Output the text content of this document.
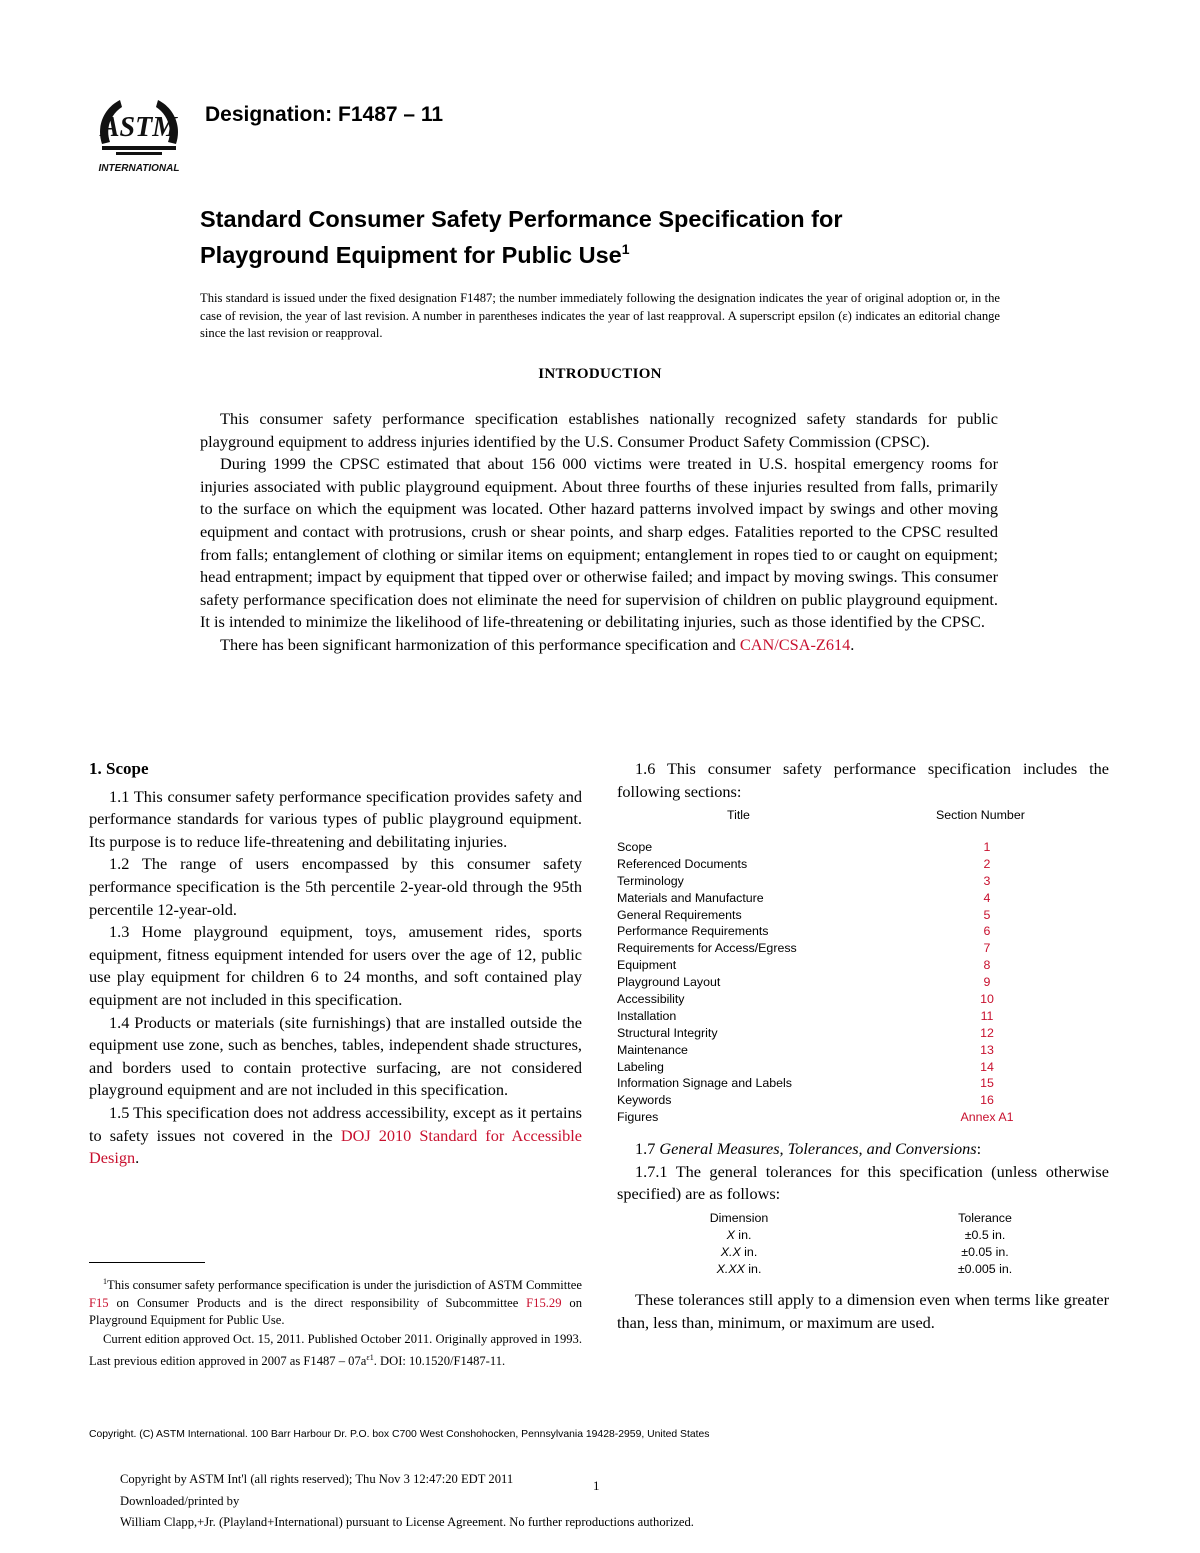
ASTM
INTERNATIONAL
Designation: F1487 – 11
Standard Consumer Safety Performance Specification for
Playground Equipment for Public Use$^1$
This standard is issued under the fixed designation F1487; the number immediately following the designation indicates the year of original adoption or, in the case of revision, the year of last revision. A number in parentheses indicates the year of last reapproval. A superscript epsilon (ε) indicates an editorial change since the last revision or reapproval.
INTRODUCTION

This consumer safety performance specification establishes nationally recognized safety standards for public playground equipment to address injuries identified by the U.S. Consumer Product Safety Commission (CPSC).

During 1999 the CPSC estimated that about 156 000 victims were treated in U.S. hospital emergency rooms for injuries associated with public playground equipment. About three fourths of these injuries resulted from falls, primarily to the surface on which the equipment was located. Other hazard patterns involved impact by swings and other moving equipment and contact with protrusions, crush or shear points, and sharp edges. Fatalities reported to the CPSC resulted from falls; entanglement of clothing or similar items on equipment; entanglement in ropes tied to or caught on equipment; head entrapment; impact by equipment that tipped over or otherwise failed; and impact by moving swings. This consumer safety performance specification does not eliminate the need for supervision of children on public playground equipment. It is intended to minimize the likelihood of life-threatening or debilitating injuries, such as those identified by the CPSC.

There has been significant harmonization of this performance specification and CAN/CSA-Z614.

1. Scope

1.1 This consumer safety performance specification provides safety and performance standards for various types of public playground equipment. Its purpose is to reduce life-threatening and debilitating injuries.

1.2 The range of users encompassed by this consumer safety performance specification is the 5th percentile 2-year-old through the 95th percentile 12-year-old.

1.3 Home playground equipment, toys, amusement rides, sports equipment, fitness equipment intended for users over the age of 12, public use play equipment for children 6 to 24 months, and soft contained play equipment are not included in this specification.

1.4 Products or materials (site furnishings) that are installed outside the equipment use zone, such as benches, tables, independent shade structures, and borders used to contain protective surfacing, are not considered playground equipment and are not included in this specification.

1.5 This specification does not address accessibility, except as it pertains to safety issues not covered in the DOJ 2010 Standard for Accessible Design.

$^1$This consumer safety performance specification is under the jurisdiction of ASTM Committee F15 on Consumer Products and is the direct responsibility of Subcommittee F15.29 on Playground Equipment for Public Use.

Current edition approved Oct. 15, 2011. Published October 2011. Originally approved in 1993. Last previous edition approved in 2007 as $F1487 - 07a^{\varepsilon 1}$. DOI: 10.1520/F1487-11.

1.6 This consumer safety performance specification includes the following sections:

Title	Section Number
Scope	1
Referenced Documents	2
Terminology	3
Materials and Manufacture	4
General Requirements	5
Performance Requirements	6
Requirements for Access/Egress	7
Equipment	8
Playground Layout	9
Accessibility	10
Installation	11
Structural Integrity	12
Maintenance	13
Labeling	14
Information Signage and Labels	15
Keywords	16
Figures	Annex A1

1.7 General Measures, Tolerances, and Conversions:

1.7.1 The general tolerances for this specification (unless otherwise specified) are as follows:

Dimension	Tolerance
X in.	±0.5 in.
X.X in.	±0.05 in.
X.XX in.	±0.005 in.

These tolerances still apply to a dimension even when terms like greater than, less than, minimum, or maximum are used.

Copyright. (C) ASTM International. 100 Barr Harbour Dr. P.O. box C700 West Conshohocken, Pennsylvania 19428-2959, United States
1
Copyright by ASTM Int'l (all rights reserved); Thu Nov 3 12:47:20 EDT 2011
Downloaded/printed by
William Clapp,+Jr. (Playland+International) pursuant to License Agreement. No further reproductions authorized.
